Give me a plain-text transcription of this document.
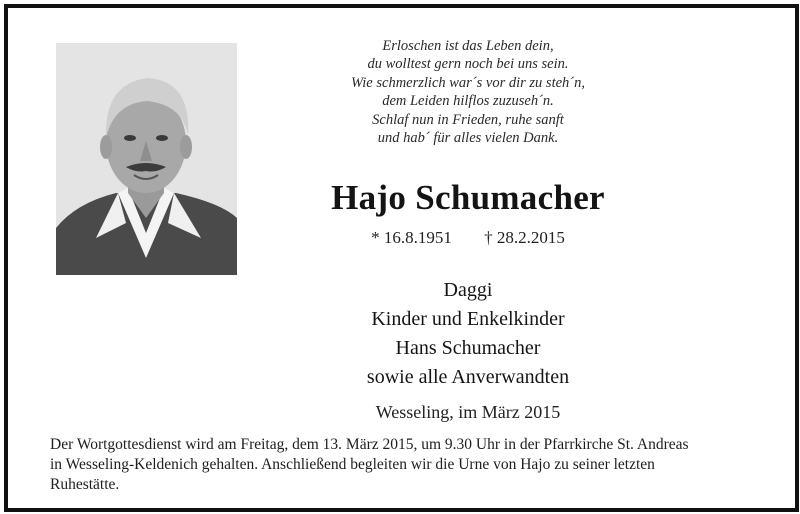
Erloschen ist das Leben dein,
du wolltest gern noch bei uns sein.
Wie schmerzlich war´s vor dir zu steh´n,
dem Leiden hilflos zuzuseh´n.
Schlaf nun in Frieden, ruhe sanft
und hab´ für alles vielen Dank.
Hajo Schumacher
* 16.8.1951 † 28.2.2015
Daggi
Kinder und Enkelkinder
Hans Schumacher
sowie alle Anverwandten
Wesseling, im März 2015
Der Wortgottesdienst wird am Freitag, dem 13. März 2015, um 9.30 Uhr in der Pfarrkirche St. Andreas
in Wesseling-Keldenich gehalten. Anschließend begleiten wir die Urne von Hajo zu seiner letzten
Ruhestätte.
